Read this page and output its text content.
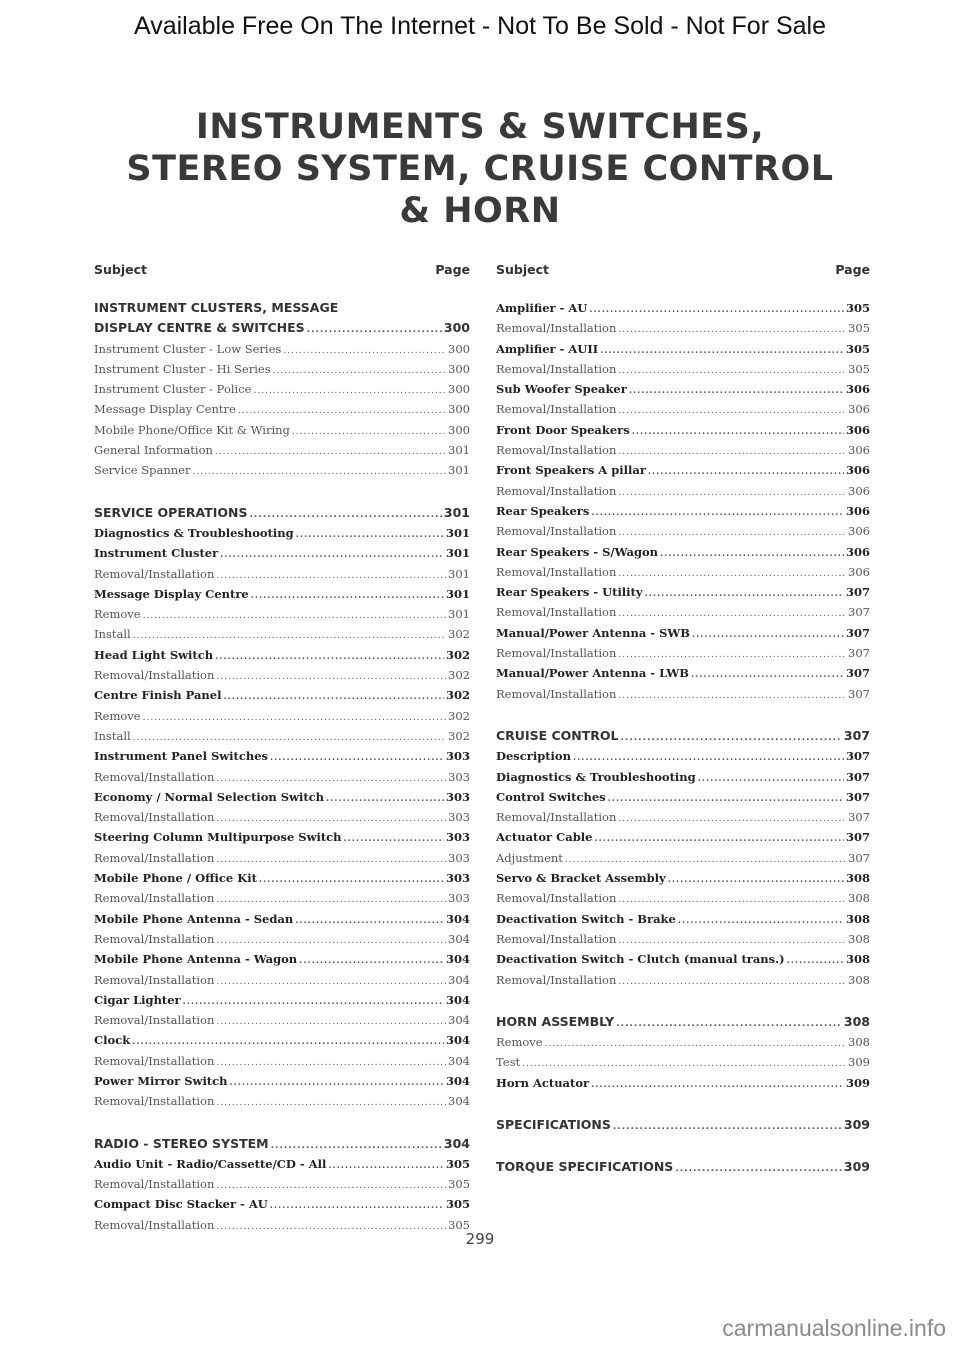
Available Free On The Internet - Not To Be Sold - Not For Sale
INSTRUMENTS & SWITCHES,
STEREO SYSTEM, CRUISE CONTROL
& HORN
Subject	Page
INSTRUMENT CLUSTERS, MESSAGE
DISPLAY CENTRE & SWITCHES .....	300
Instrument Cluster - Low Series .....	300
Instrument Cluster - Hi Series .....	300
Instrument Cluster - Police .....	300
Message Display Centre .....	300
Mobile Phone/Office Kit & Wiring .....	300
General Information .....	301
Service Spanner .....	301
SERVICE OPERATIONS .....	301
Diagnostics & Troubleshooting .....	301
Instrument Cluster .....	301
Removal/Installation .....	301
Message Display Centre .....	301
Remove .....	301
Install .....	302
Head Light Switch .....	302
Removal/Installation .....	302
Centre Finish Panel .....	302
Remove .....	302
Install .....	302
Instrument Panel Switches .....	303
Removal/Installation .....	303
Economy / Normal Selection Switch .....	303
Removal/Installation .....	303
Steering Column Multipurpose Switch .....	303
Removal/Installation .....	303
Mobile Phone / Office Kit .....	303
Removal/Installation .....	303
Mobile Phone Antenna - Sedan .....	304
Removal/Installation .....	304
Mobile Phone Antenna - Wagon .....	304
Removal/Installation .....	304
Cigar Lighter .....	304
Removal/Installation .....	304
Clock .....	304
Removal/Installation .....	304
Power Mirror Switch .....	304
Removal/Installation .....	304
RADIO - STEREO SYSTEM .....	304
Audio Unit - Radio/Cassette/CD - All .....	305
Removal/Installation .....	305
Compact Disc Stacker - AU .....	305
Removal/Installation .....	305
Subject	Page
Amplifier - AU .....	305
Removal/Installation .....	305
Amplifier - AUII .....	305
Removal/Installation .....	305
Sub Woofer Speaker .....	306
Removal/Installation .....	306
Front Door Speakers .....	306
Removal/Installation .....	306
Front Speakers A pillar .....	306
Removal/Installation .....	306
Rear Speakers .....	306
Removal/Installation .....	306
Rear Speakers - S/Wagon .....	306
Removal/Installation .....	306
Rear Speakers - Utility .....	307
Removal/Installation .....	307
Manual/Power Antenna - SWB .....	307
Removal/Installation .....	307
Manual/Power Antenna - LWB .....	307
Removal/Installation .....	307
CRUISE CONTROL .....	307
Description .....	307
Diagnostics & Troubleshooting .....	307
Control Switches .....	307
Removal/Installation .....	307
Actuator Cable .....	307
Adjustment .....	307
Servo & Bracket Assembly .....	308
Removal/Installation .....	308
Deactivation Switch - Brake .....	308
Removal/Installation .....	308
Deactivation Switch - Clutch (manual trans.) .....	308
Removal/Installation .....	308
HORN ASSEMBLY .....	308
Remove .....	308
Test .....	309
Horn Actuator .....	309
SPECIFICATIONS .....	309
TORQUE SPECIFICATIONS .....	309
299
carmanualsonline.info
